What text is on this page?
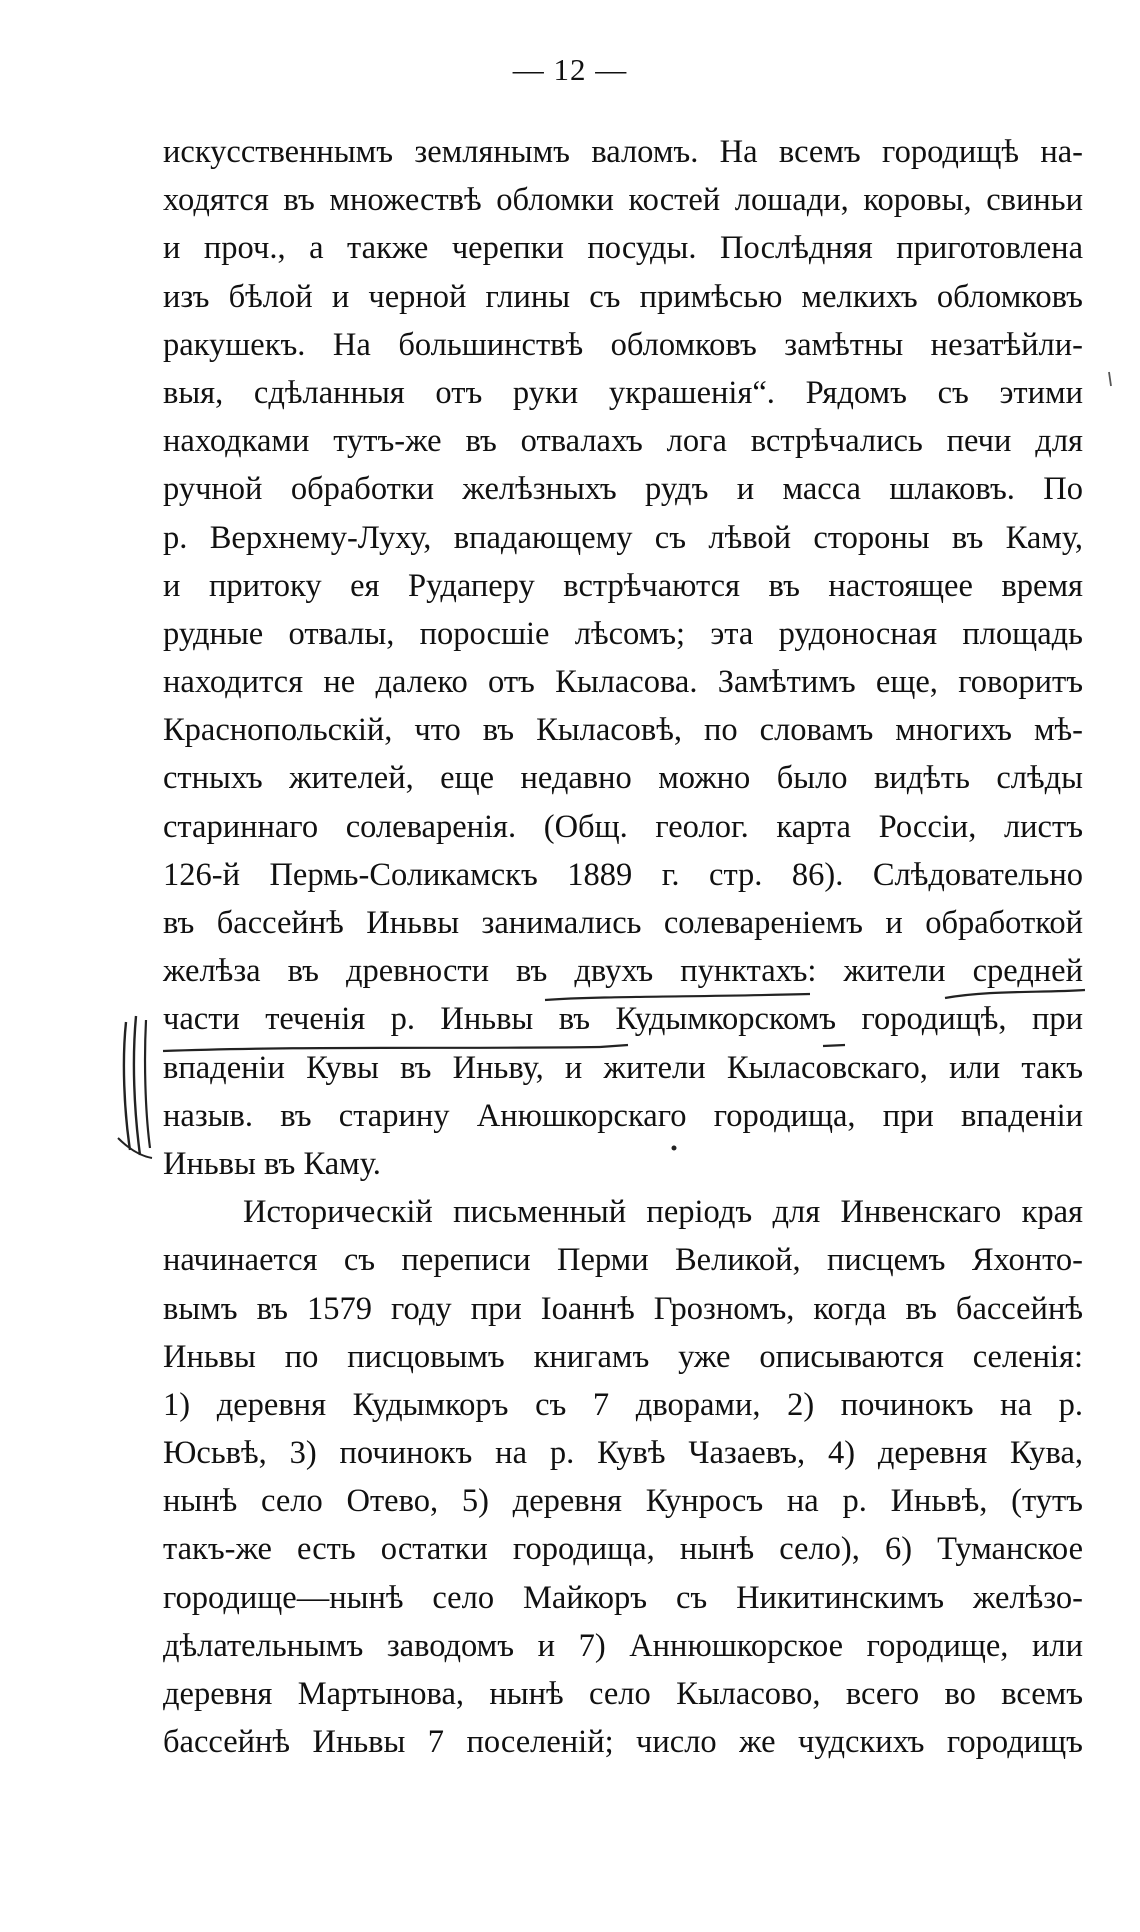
— 12 —
искусственнымъ землянымъ валомъ. На всемъ городищѣ на-
ходятся въ множествѣ обломки костей лошади, коровы, свиньи
и проч., а также черепки посуды. Послѣдняя приготовлена
изъ бѣлой и черной глины съ примѣсью мелкихъ обломковъ
ракушекъ. На большинствѣ обломковъ замѣтны незатѣйли-
выя, сдѣланныя отъ руки украшенія“. Рядомъ съ этими
находками тутъ-же въ отвалахъ лога встрѣчались печи для
ручной обработки желѣзныхъ рудъ и масса шлаковъ. По
р. Верхнему-Луху, впадающему съ лѣвой стороны въ Каму,
и притоку ея Рудаперу встрѣчаются въ настоящее время
рудные отвалы, поросшіе лѣсомъ; эта рудоносная площадь
находится не далеко отъ Кыласова. Замѣтимъ еще, говоритъ
Краснопольскій, что въ Кыласовѣ, по словамъ многихъ мѣ-
стныхъ жителей, еще недавно можно было видѣть слѣды
стариннаго солеваренія. (Общ. геолог. карта Россіи, листъ
126-й Пермь-Соликамскъ 1889 г. стр. 86). Слѣдовательно
въ бассейнѣ Иньвы занимались солевареніемъ и обработкой
желѣза въ древности въ двухъ пунктахъ: жители средней
части теченія р. Иньвы въ Кудымкорскомъ городищѣ, при
впаденіи Кувы въ Иньву, и жители Кыласовскаго, или такъ
назыв. въ старину Анюшкорскаго городища, при впаденіи
Иньвы въ Каму.
Историческій письменный періодъ для Инвенскаго края
начинается съ переписи Перми Великой, писцемъ Яхонто-
вымъ въ 1579 году при Іоаннѣ Грозномъ, когда въ бассейнѣ
Иньвы по писцовымъ книгамъ уже описываются селенія:
1) деревня Кудымкоръ съ 7 дворами, 2) починокъ на р.
Юсьвѣ, 3) починокъ на р. Кувѣ Чазаевъ, 4) деревня Кува,
нынѣ село Отево, 5) деревня Кунросъ на р. Иньвѣ, (тутъ
такъ-же есть остатки городища, нынѣ село), 6) Туманское
городище—нынѣ село Майкоръ съ Никитинскимъ желѣзо-
дѣлательнымъ заводомъ и 7) Аннюшкорское городище, или
деревня Мартынова, нынѣ село Кыласово, всего во всемъ
бассейнѣ Иньвы 7 поселеній; число же чудскихъ городищъ
